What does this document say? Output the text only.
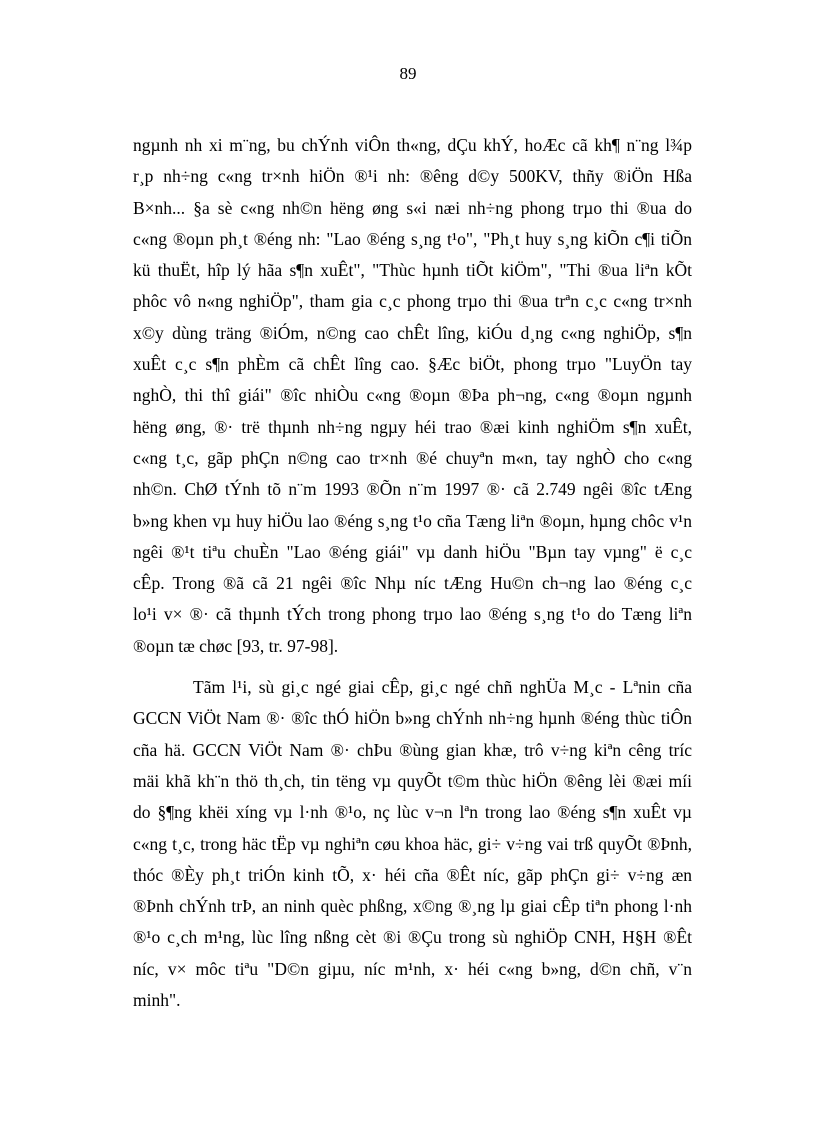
89

ngµnh nh xi m¨ng, bu chÝnh viÔn th«ng, dÇu khÝ, hoÆc cã kh¶ n¨ng l¾p
r¸p nh÷ng c«ng tr×nh hiÖn ®¹i nh: ®êng d©y 500KV, thñy ®iÖn Hßa
B×nh... §a sè c«ng nh©n hëng øng s«i næi nh÷ng phong trµo thi ®ua do
c«ng ®oµn ph¸t ®éng nh: "Lao ®éng s¸ng t¹o", "Ph¸t huy s¸ng kiÕn c¶i tiÕn
kü thuËt, hîp lý hãa s¶n xuÊt", "Thùc hµnh tiÕt kiÖm", "Thi ®ua liªn kÕt
phôc vô n«ng nghiÖp", tham gia c¸c phong trµo thi ®ua trªn c¸c c«ng tr×nh
x©y dùng träng ®iÓm, n©ng cao chÊt lîng, kiÓu d¸ng c«ng nghiÖp, s¶n
xuÊt c¸c s¶n phÈm cã chÊt lîng cao. §Æc biÖt, phong trµo "LuyÖn tay
nghÒ, thi thî giái" ®îc nhiÒu c«ng ®oµn ®Þa ph¬ng, c«ng ®oµn ngµnh
hëng øng, ®· trë thµnh nh÷ng ngµy héi trao ®æi kinh nghiÖm s¶n xuÊt,
c«ng t¸c, gãp phÇn n©ng cao tr×nh ®é chuyªn m«n, tay nghÒ cho c«ng
nh©n. ChØ tÝnh tõ n¨m 1993 ®Õn n¨m 1997 ®· cã 2.749 ngêi ®îc tÆng
b»ng khen vµ huy hiÖu lao ®éng s¸ng t¹o cña Tæng liªn ®oµn, hµng chôc v¹n
ngêi ®¹t tiªu chuÈn "Lao ®éng giái" vµ danh hiÖu "Bµn tay vµng" ë c¸c
cÊp. Trong ®ã cã 21 ngêi ®îc Nhµ níc tÆng Hu©n ch¬ng lao ®éng c¸c
lo¹i v× ®· cã thµnh tÝch trong phong trµo lao ®éng s¸ng t¹o do Tæng liªn
®oµn tæ chøc [93, tr. 97-98].

Tãm l¹i, sù gi¸c ngé giai cÊp, gi¸c ngé chñ nghÜa M¸c - Lªnin cña
GCCN ViÖt Nam ®· ®îc thÓ hiÖn b»ng chÝnh nh÷ng hµnh ®éng thùc tiÔn
cña hä. GCCN ViÖt Nam ®· chÞu ®ùng gian khæ, trô v÷ng kiªn cêng tríc
mäi khã kh¨n thö th¸ch, tin tëng vµ quyÕt t©m thùc hiÖn ®êng lèi ®æi míi
do §¶ng khëi xíng vµ l·nh ®¹o, nç lùc v¬n lªn trong lao ®éng s¶n xuÊt vµ
c«ng t¸c, trong häc tËp vµ nghiªn cøu khoa häc, gi÷ v÷ng vai trß quyÕt ®Þnh,
thóc ®Èy ph¸t triÓn kinh tÕ, x· héi cña ®Êt níc, gãp phÇn gi÷ v÷ng æn
®Þnh chÝnh trÞ, an ninh quèc phßng, x©ng ®¸ng lµ giai cÊp tiªn phong l·nh
®¹o c¸ch m¹ng, lùc lîng nßng cèt ®i ®Çu trong sù nghiÖp CNH, H§H ®Êt
níc, v× môc tiªu "D©n giµu, níc m¹nh, x· héi c«ng b»ng, d©n chñ, v¨n
minh".
